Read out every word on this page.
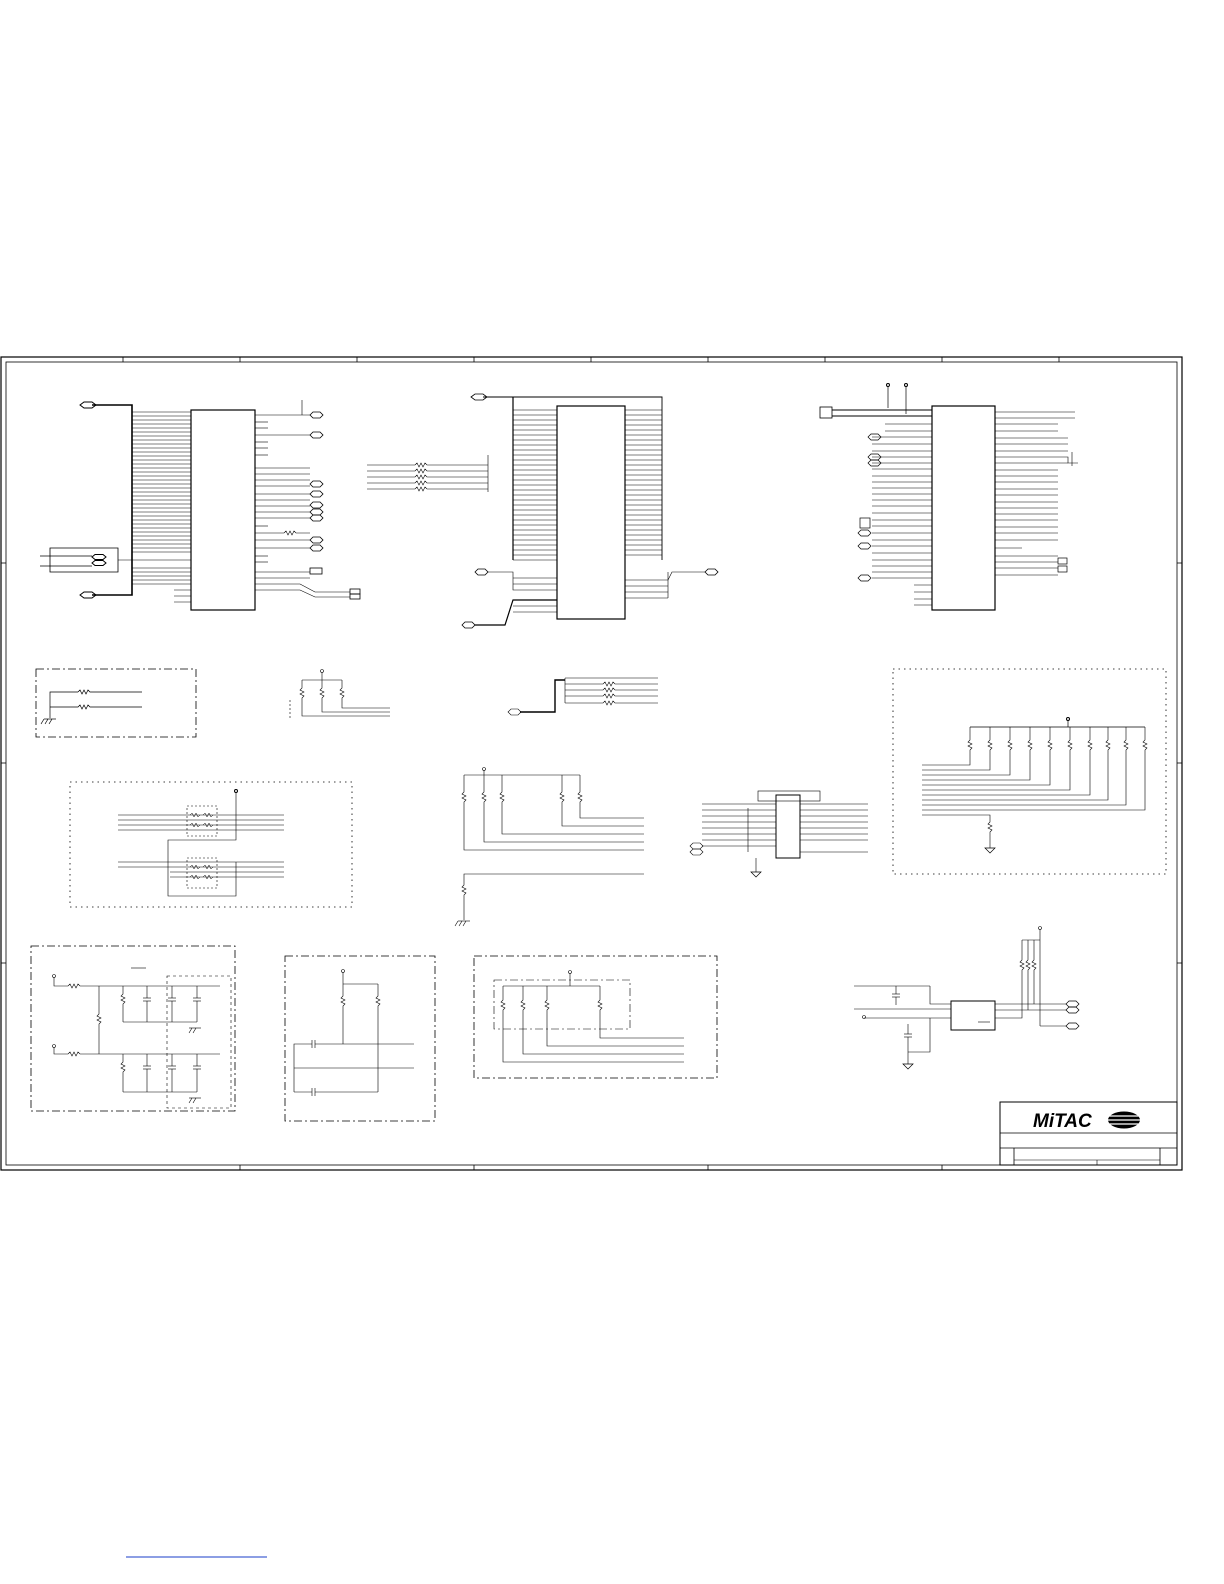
MiTAC
